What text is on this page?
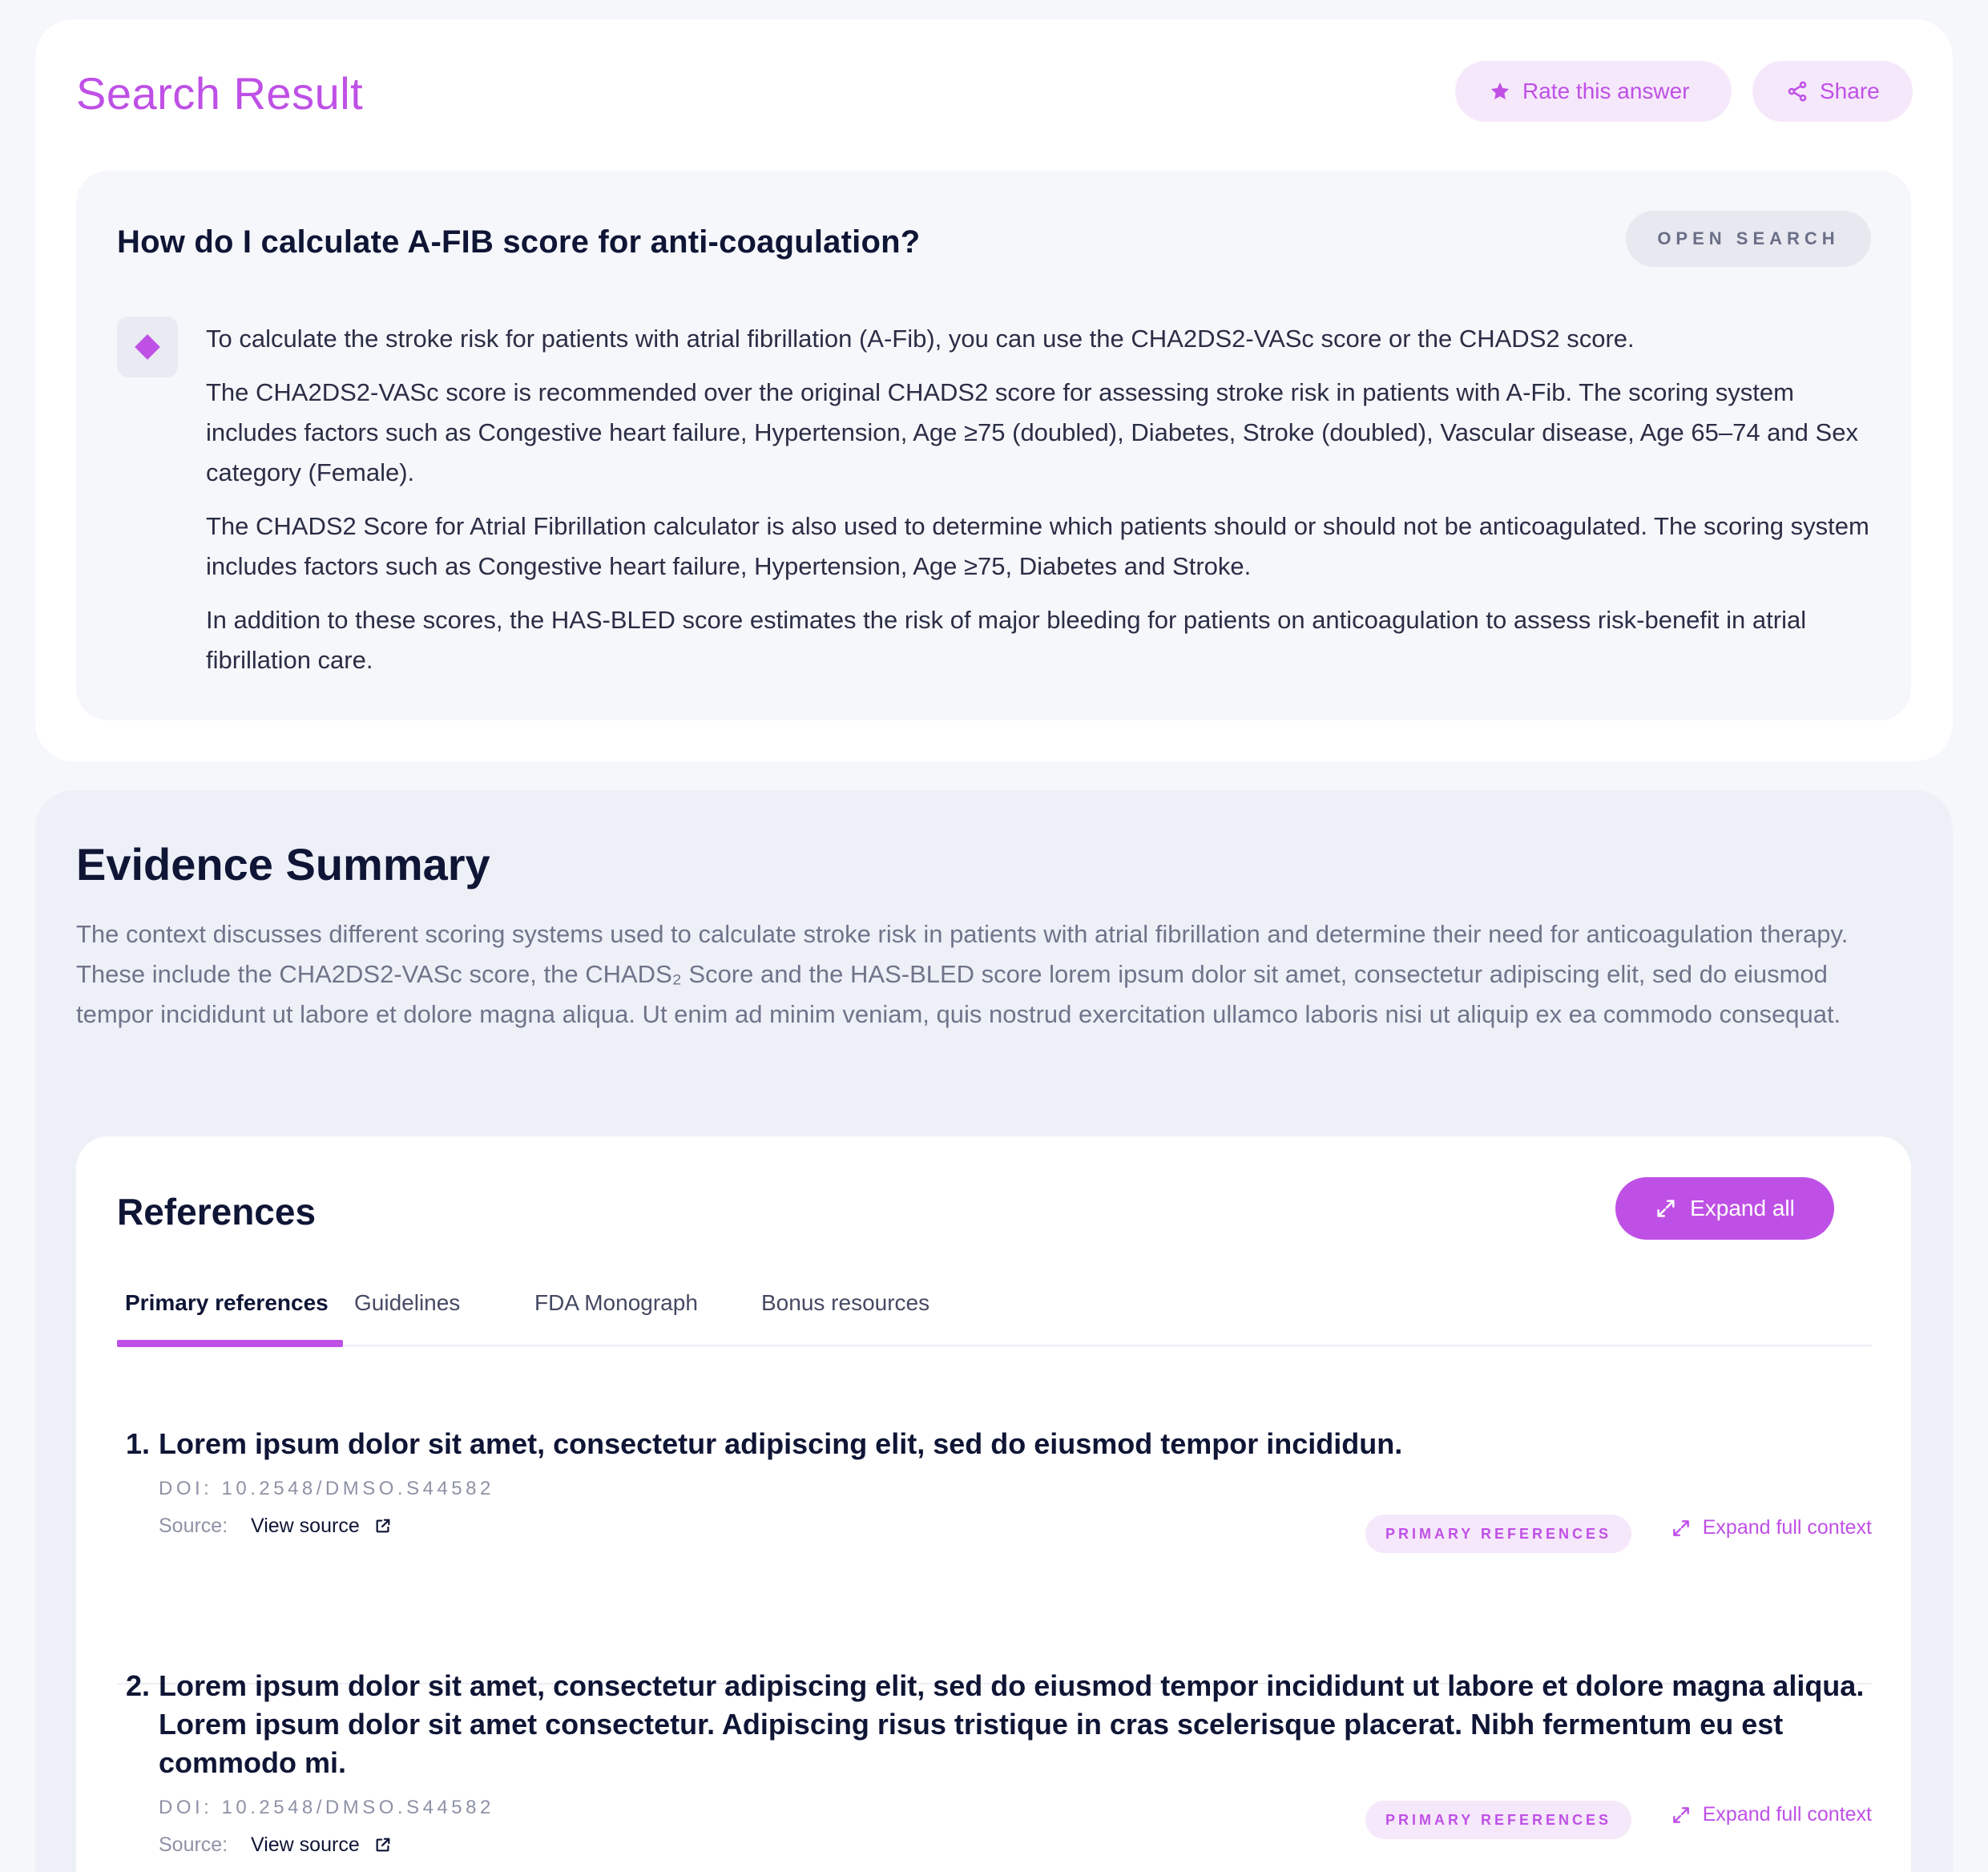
Search Result	Rate this answer	Share
How do I calculate A-FIB score for anti-coagulation?	OPEN SEARCH

To calculate the stroke risk for patients with atrial fibrillation (A-Fib), you can use the CHA2DS2-VASc score or the CHADS2 score.

The CHA2DS2-VASc score is recommended over the original CHADS2 score for assessing stroke risk in patients with A-Fib. The scoring system includes factors such as Congestive heart failure, Hypertension, Age ≥75 (doubled), Diabetes, Stroke (doubled), Vascular disease, Age 65–74 and Sex category (Female).

The CHADS2 Score for Atrial Fibrillation calculator is also used to determine which patients should or should not be anticoagulated. The scoring system includes factors such as Congestive heart failure, Hypertension, Age ≥75, Diabetes and Stroke.

In addition to these scores, the HAS-BLED score estimates the risk of major bleeding for patients on anticoagulation to assess risk-benefit in atrial fibrillation care.

Evidence Summary

The context discusses different scoring systems used to calculate stroke risk in patients with atrial fibrillation and determine their need for anticoagulation therapy. These include the CHA2DS2-VASc score, the CHADS₂ Score and the HAS-BLED score lorem ipsum dolor sit amet, consectetur adipiscing elit, sed do eiusmod tempor incididunt ut labore et dolore magna aliqua. Ut enim ad minim veniam, quis nostrud exercitation ullamco laboris nisi ut aliquip ex ea commodo consequat.

References	Expand all
Primary references	Guidelines	FDA Monograph	Bonus resources
1. Lorem ipsum dolor sit amet, consectetur adipiscing elit, sed do eiusmod tempor incididun.
DOI: 10.2548/DMSO.S44582
Source:	View source	PRIMARY REFERENCES	Expand full context
2. Lorem ipsum dolor sit amet, consectetur adipiscing elit, sed do eiusmod tempor incididunt ut labore et dolore magna aliqua. Lorem ipsum dolor sit amet consectetur. Adipiscing risus tristique in cras scelerisque placerat. Nibh fermentum eu est commodo mi.
DOI: 10.2548/DMSO.S44582
Source:	View source
PRIMARY REFERENCES	Expand full context
